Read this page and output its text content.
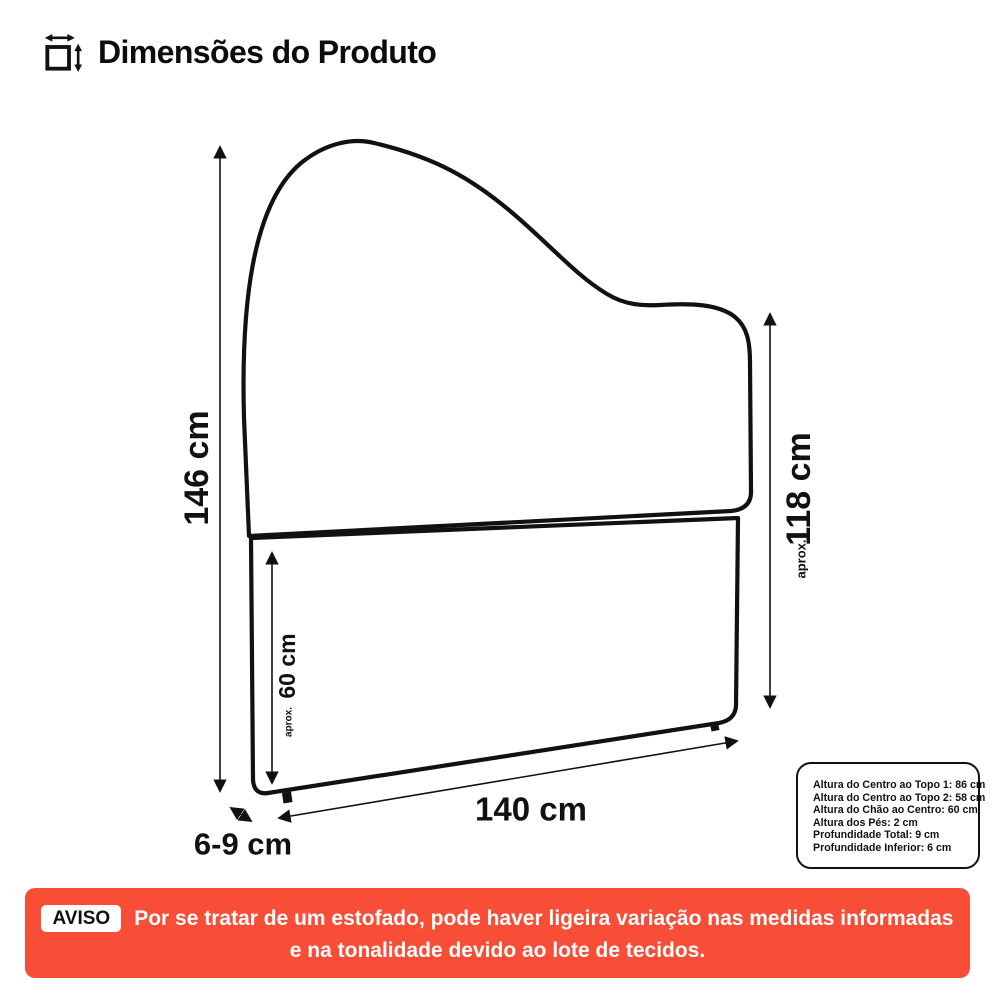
Dimensões do Produto
146 cm	118 cm
aprox.
60 cm
aprox.
140 cm
6-9 cm
Altura do Centro ao Topo 1: 86 cm
Altura do Centro ao Topo 2: 58 cm
Altura do Chão ao Centro: 60 cm
Altura dos Pés: 2 cm
Profundidade Total: 9 cm
Profundidade Inferior: 6 cm
AVISO	Por se tratar de um estofado, pode haver ligeira variação nas medidas informadas
e na tonalidade devido ao lote de tecidos.
